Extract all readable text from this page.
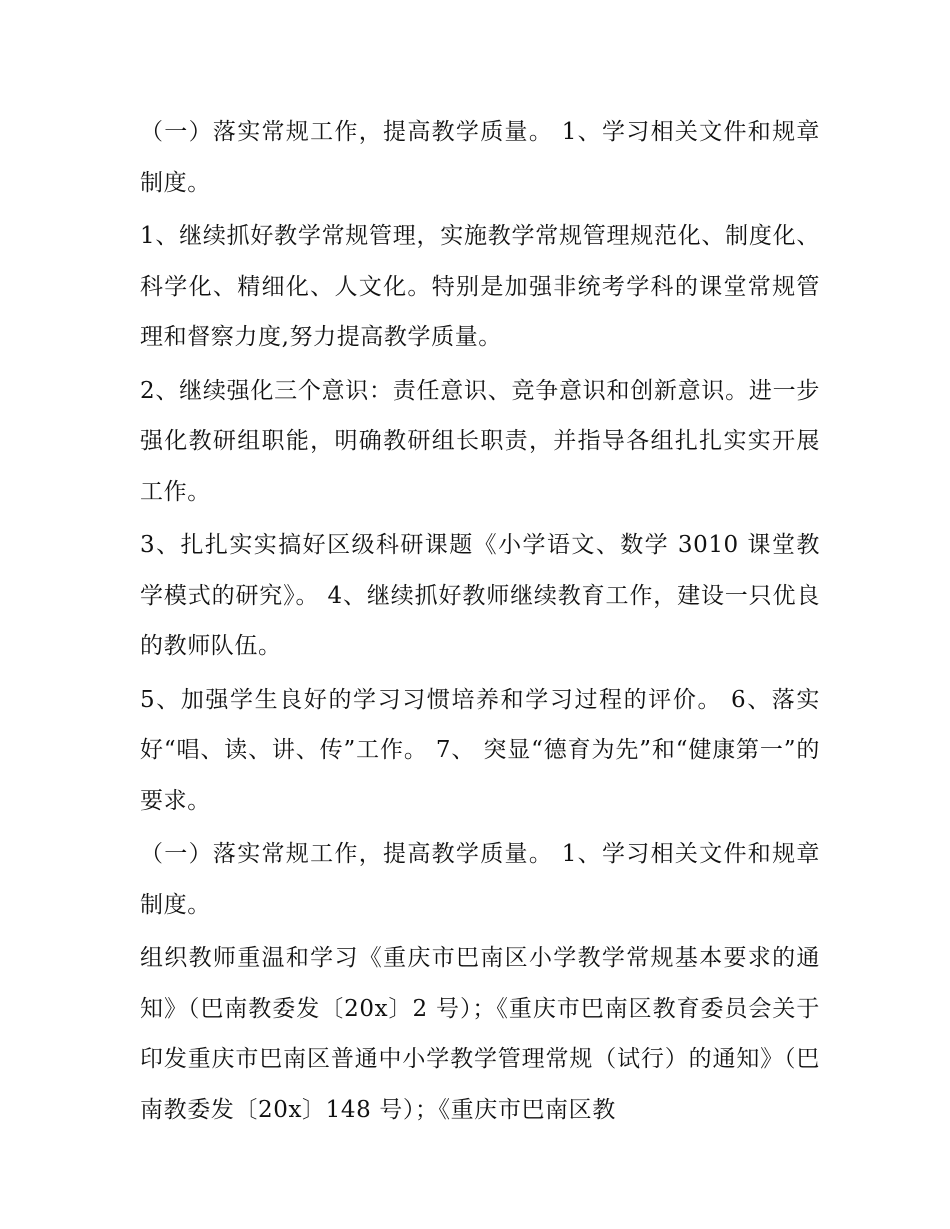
（一）落实常规工作，提高教学质量。 1、学习相关文件和规章制度。

1、继续抓好教学常规管理，实施教学常规管理规范化、制度化、科学化、精细化、人文化。特别是加强非统考学科的课堂常规管理和督察力度,努力提高教学质量。

2、继续强化三个意识：责任意识、竞争意识和创新意识。进一步强化教研组职能，明确教研组长职责，并指导各组扎扎实实开展工作。

3、扎扎实实搞好区级科研课题《小学语文、数学 3010 课堂教学模式的研究》。 4、继续抓好教师继续教育工作，建设一只优良的教师队伍。

5、加强学生良好的学习习惯培养和学习过程的评价。 6、落实好“唱、读、讲、传”工作。 7、 突显“德育为先”和“健康第一”的要求。

（一）落实常规工作，提高教学质量。 1、学习相关文件和规章制度。

组织教师重温和学习《重庆市巴南区小学教学常规基本要求的通知》（巴南教委发〔20x〕2 号）；《重庆市巴南区教育委员会关于印发重庆市巴南区普通中小学教学管理常规（试行）的通知》（巴南教委发〔20x〕148 号）；《重庆市巴南区教
